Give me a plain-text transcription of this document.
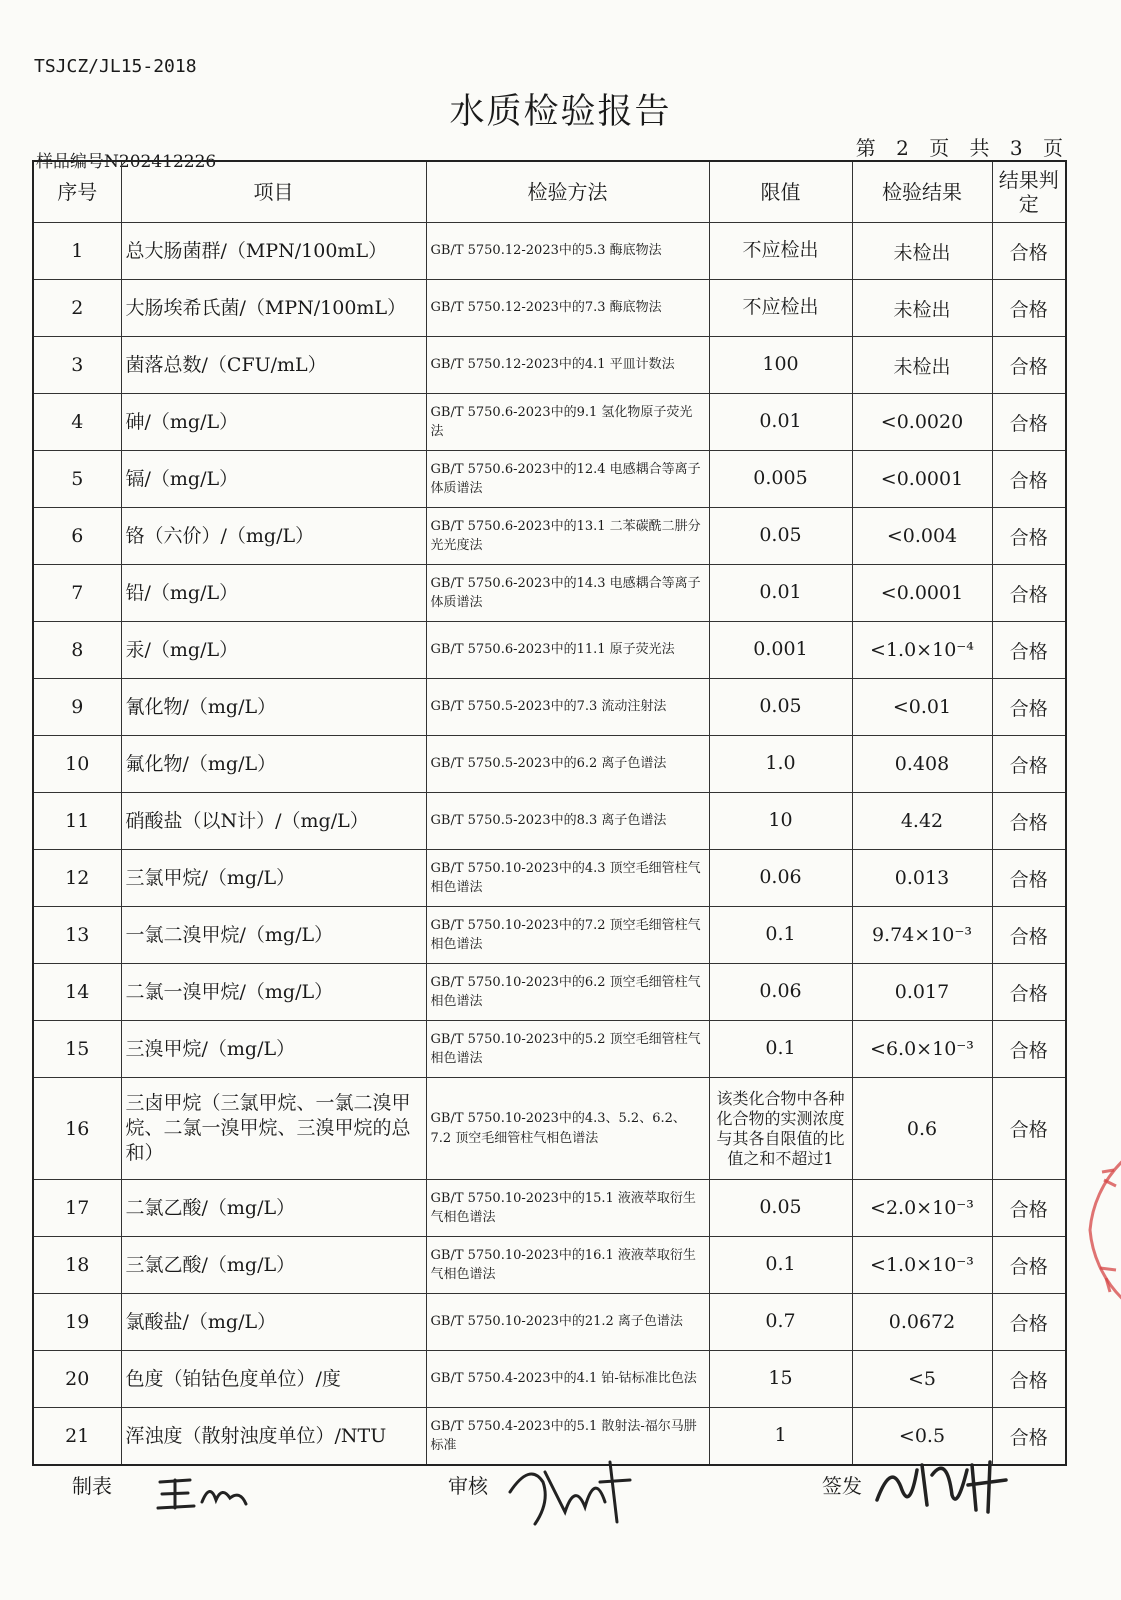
TSJCZ/JL15-2018
水质检验报告
第 2 页 共 3 页
样品编号N202412226
序号	项目	检验方法	限值	检验结果	结果判定
1	总大肠菌群/（MPN/100mL）	GB/T 5750.12-2023中的5.3 酶底物法	不应检出	未检出	合格
2	大肠埃希氏菌/（MPN/100mL）	GB/T 5750.12-2023中的7.3 酶底物法	不应检出	未检出	合格
3	菌落总数/（CFU/mL）	GB/T 5750.12-2023中的4.1 平皿计数法	100	未检出	合格
4	砷/（mg/L）	GB/T 5750.6-2023中的9.1 氢化物原子荧光法	0.01	<0.0020	合格
5	镉/（mg/L）	GB/T 5750.6-2023中的12.4 电感耦合等离子体质谱法	0.005	<0.0001	合格
6	铬（六价）/（mg/L）	GB/T 5750.6-2023中的13.1 二苯碳酰二肼分光光度法	0.05	<0.004	合格
7	铅/（mg/L）	GB/T 5750.6-2023中的14.3 电感耦合等离子体质谱法	0.01	<0.0001	合格
8	汞/（mg/L）	GB/T 5750.6-2023中的11.1 原子荧光法	0.001	<1.0×10⁻⁴	合格
9	氰化物/（mg/L）	GB/T 5750.5-2023中的7.3 流动注射法	0.05	<0.01	合格
10	氟化物/（mg/L）	GB/T 5750.5-2023中的6.2 离子色谱法	1.0	0.408	合格
11	硝酸盐（以N计）/（mg/L）	GB/T 5750.5-2023中的8.3 离子色谱法	10	4.42	合格
12	三氯甲烷/（mg/L）	GB/T 5750.10-2023中的4.3 顶空毛细管柱气相色谱法	0.06	0.013	合格
13	一氯二溴甲烷/（mg/L）	GB/T 5750.10-2023中的7.2 顶空毛细管柱气相色谱法	0.1	9.74×10⁻³	合格
14	二氯一溴甲烷/（mg/L）	GB/T 5750.10-2023中的6.2 顶空毛细管柱气相色谱法	0.06	0.017	合格
15	三溴甲烷/（mg/L）	GB/T 5750.10-2023中的5.2 顶空毛细管柱气相色谱法	0.1	<6.0×10⁻³	合格
16	三卤甲烷（三氯甲烷、一氯二溴甲烷、二氯一溴甲烷、三溴甲烷的总和）	GB/T 5750.10-2023中的4.3、5.2、6.2、7.2 顶空毛细管柱气相色谱法	该类化合物中各种化合物的实测浓度与其各自限值的比值之和不超过1	0.6	合格
17	二氯乙酸/（mg/L）	GB/T 5750.10-2023中的15.1 液液萃取衍生气相色谱法	0.05	<2.0×10⁻³	合格
18	三氯乙酸/（mg/L）	GB/T 5750.10-2023中的16.1 液液萃取衍生气相色谱法	0.1	<1.0×10⁻³	合格
19	氯酸盐/（mg/L）	GB/T 5750.10-2023中的21.2 离子色谱法	0.7	0.0672	合格
20	色度（铂钴色度单位）/度	GB/T 5750.4-2023中的4.1 铂-钴标准比色法	15	<5	合格
21	浑浊度（散射浊度单位）/NTU	GB/T 5750.4-2023中的5.1 散射法-福尔马肼标准	1	<0.5	合格
制表	审核	签发
